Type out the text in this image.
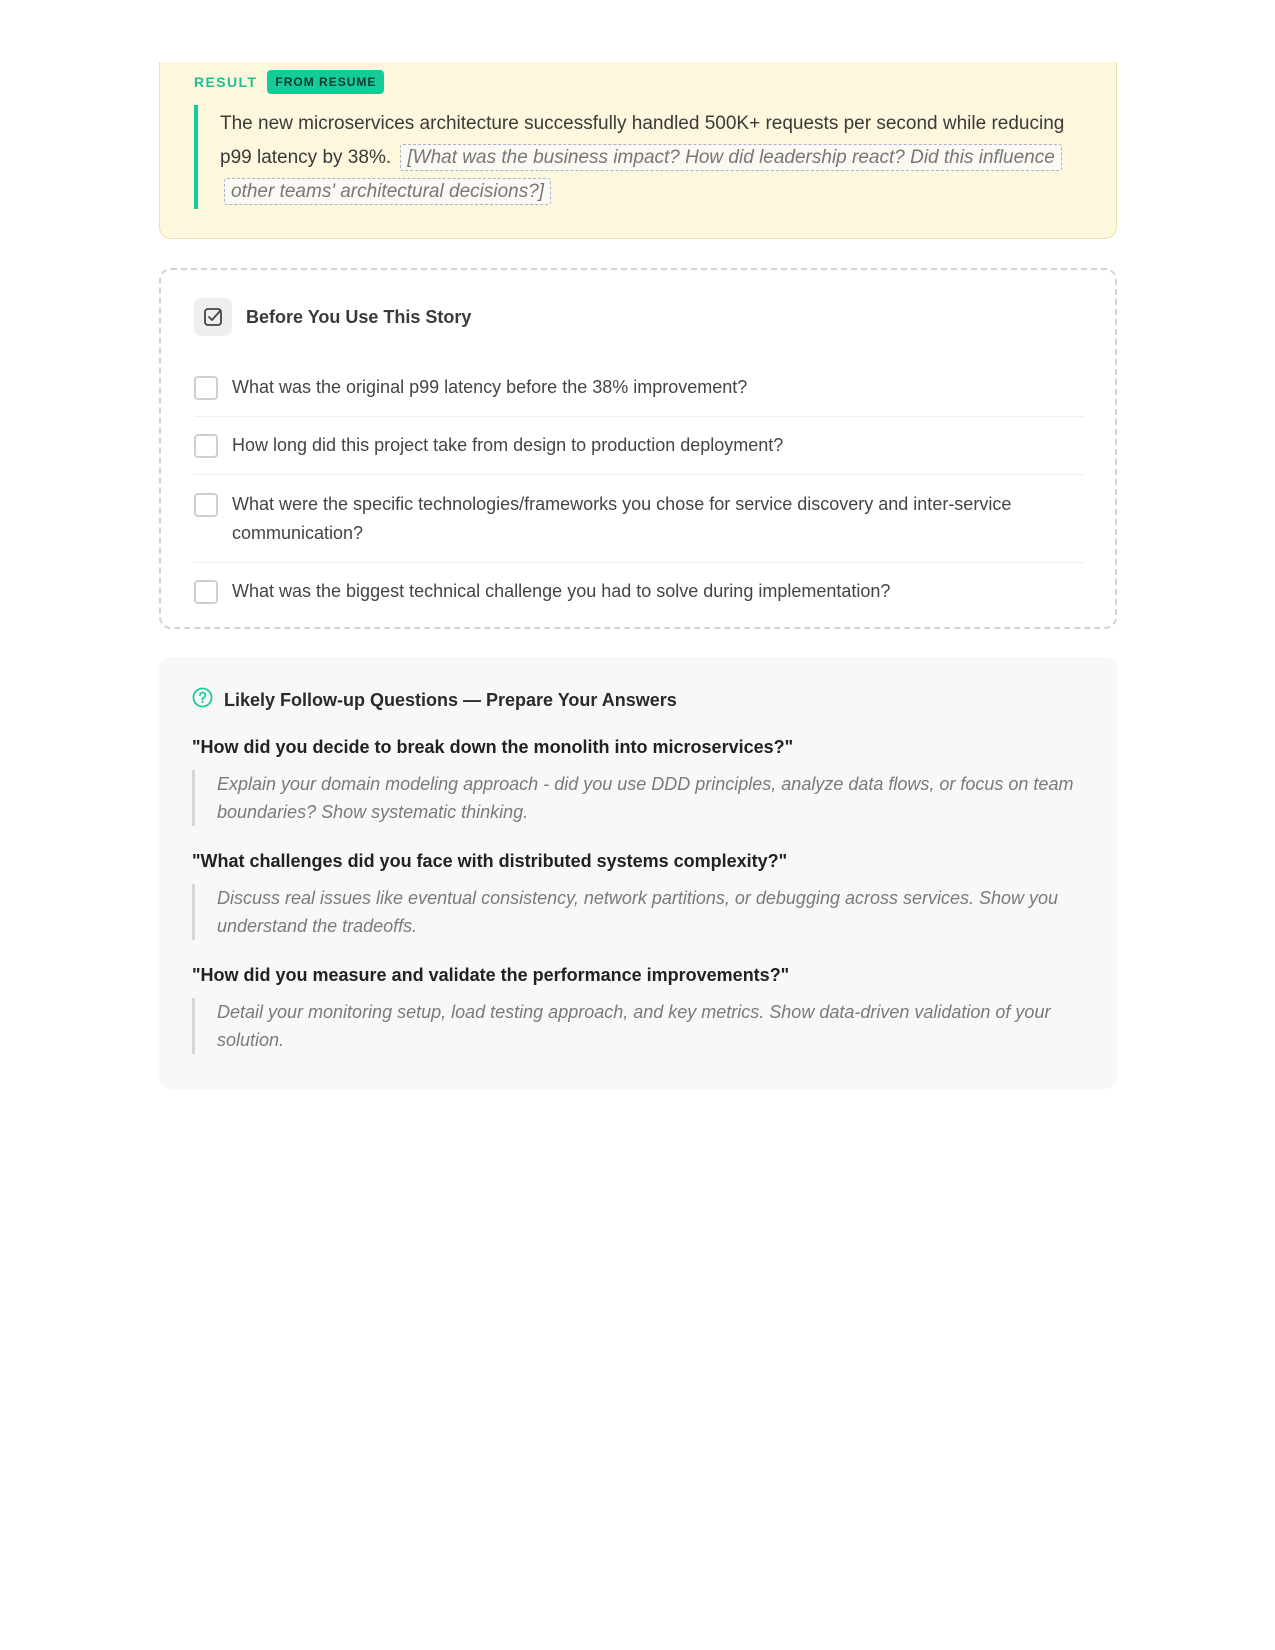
RESULT	FROM RESUME
The new microservices architecture successfully handled 500K+ requests per second while reducing p99 latency by 38%. [What was the business impact? How did leadership react? Did this influence other teams' architectural decisions?]
Before You Use This Story
What was the original p99 latency before the 38% improvement?
How long did this project take from design to production deployment?
What were the specific technologies/frameworks you chose for service discovery and inter-service communication?
What was the biggest technical challenge you had to solve during implementation?
Likely Follow-up Questions — Prepare Your Answers
"How did you decide to break down the monolith into microservices?"
Explain your domain modeling approach - did you use DDD principles, analyze data flows, or focus on team boundaries? Show systematic thinking.
"What challenges did you face with distributed systems complexity?"
Discuss real issues like eventual consistency, network partitions, or debugging across services. Show you understand the tradeoffs.
"How did you measure and validate the performance improvements?"
Detail your monitoring setup, load testing approach, and key metrics. Show data-driven validation of your solution.
